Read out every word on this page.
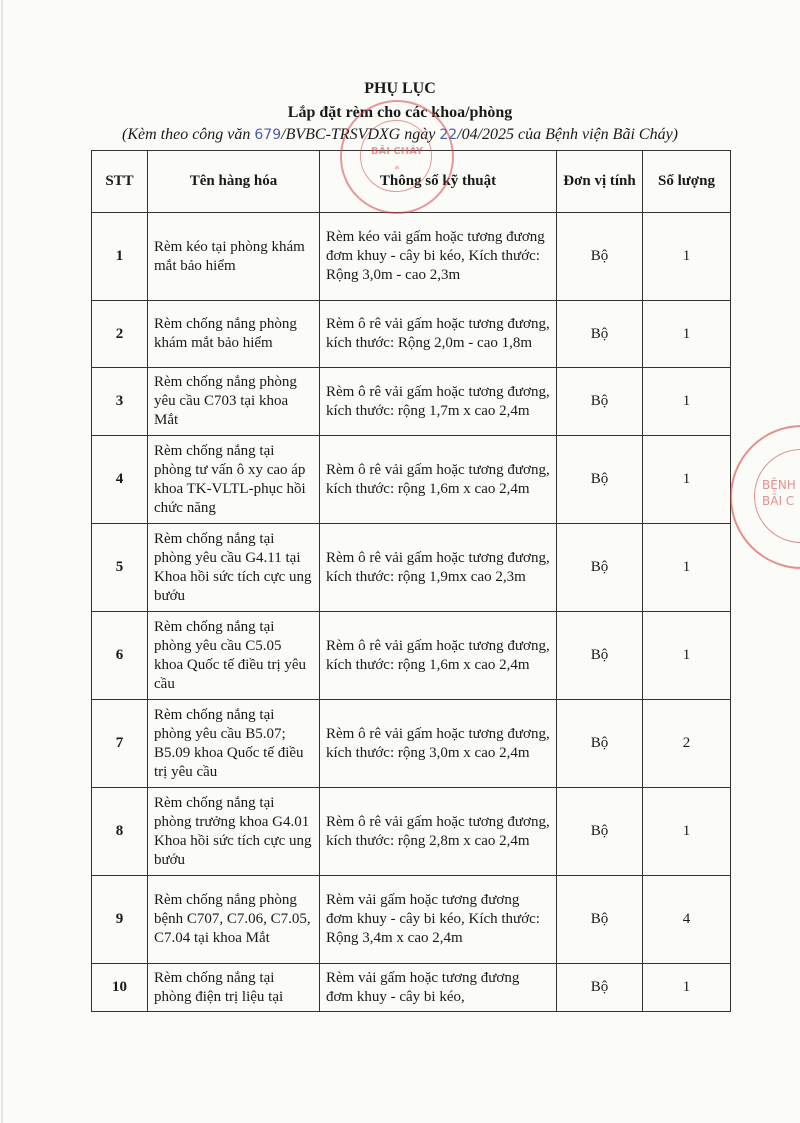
PHỤ LỤC
Lắp đặt rèm cho các khoa/phòng
(Kèm theo công văn 679/BVBC-TRSVDXG ngày 22/04/2025 của Bệnh viện Bãi Cháy)
STT	Tên hàng hóa	Thông số kỹ thuật	Đơn vị tính	Số lượng
1	Rèm kéo tại phòng khám mắt bảo hiểm	Rèm kéo vải gấm hoặc tương đương đơm khuy - cây bi kéo, Kích thước: Rộng 3,0m - cao 2,3m	Bộ	1
2	Rèm chống nắng phòng khám mắt bảo hiểm	Rèm ô rê vải gấm hoặc tương đương, kích thước: Rộng 2,0m - cao 1,8m	Bộ	1
3	Rèm chống nắng phòng yêu cầu C703 tại khoa Mắt	Rèm ô rê vải gấm hoặc tương đương, kích thước: rộng 1,7m x cao 2,4m	Bộ	1
4	Rèm chống nắng tại phòng tư vấn ô xy cao áp khoa TK-VLTL-phục hồi chức năng	Rèm ô rê vải gấm hoặc tương đương, kích thước: rộng 1,6m x cao 2,4m	Bộ	1
5	Rèm chống nắng tại phòng yêu cầu G4.11 tại Khoa hồi sức tích cực ung bướu	Rèm ô rê vải gấm hoặc tương đương, kích thước: rộng 1,9mx cao 2,3m	Bộ	1
6	Rèm chống nắng tại phòng yêu cầu C5.05 khoa Quốc tế điều trị yêu cầu	Rèm ô rê vải gấm hoặc tương đương, kích thước: rộng 1,6m x cao 2,4m	Bộ	1
7	Rèm chống nắng tại phòng yêu cầu B5.07; B5.09 khoa Quốc tế điều trị yêu cầu	Rèm ô rê vải gấm hoặc tương đương, kích thước: rộng 3,0m x cao 2,4m	Bộ	2
8	Rèm chống nắng tại phòng trưởng khoa G4.01 Khoa hồi sức tích cực ung bướu	Rèm ô rê vải gấm hoặc tương đương, kích thước: rộng 2,8m x cao 2,4m	Bộ	1
9	Rèm chống nắng phòng bệnh C707, C7.06, C7.05, C7.04 tại khoa Mắt	Rèm vải gấm hoặc tương đương đơm khuy - cây bi kéo, Kích thước: Rộng 3,4m x cao 2,4m	Bộ	4
10	Rèm chống nắng tại phòng điện trị liệu tại	Rèm vải gấm hoặc tương đương đơm khuy - cây bi kéo,	Bộ	1
BÃI CHÁY
*
BỆNH
BÃI C
